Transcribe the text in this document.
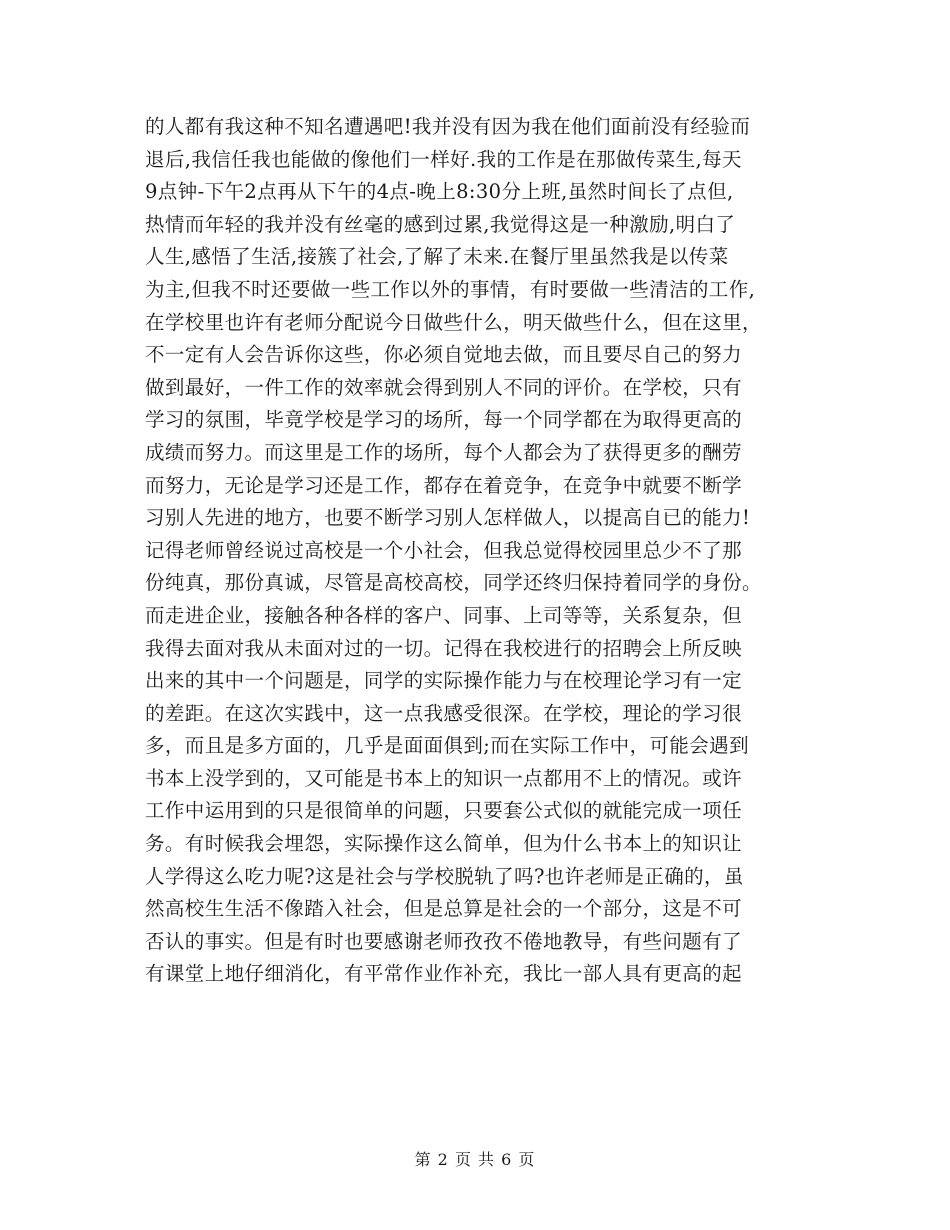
的人都有我这种不知名遭遇吧!我并没有因为我在他们面前没有经验而
退后,我信任我也能做的像他们一样好.我的工作是在那做传菜生,每天
9点钟-下午2点再从下午的4点-晚上8:30分上班,虽然时间长了点但,
热情而年轻的我并没有丝毫的感到过累,我觉得这是一种激励,明白了
人生,感悟了生活,接簇了社会,了解了未来.在餐厅里虽然我是以传菜
为主,但我不时还要做一些工作以外的事情，有时要做一些清洁的工作,
在学校里也许有老师分配说今日做些什么，明天做些什么，但在这里，
不一定有人会告诉你这些，你必须自觉地去做，而且要尽自己的努力
做到最好，一件工作的效率就会得到别人不同的评价。在学校，只有
学习的氛围，毕竟学校是学习的场所，每一个同学都在为取得更高的
成绩而努力。而这里是工作的场所，每个人都会为了获得更多的酬劳
而努力，无论是学习还是工作，都存在着竞争，在竞争中就要不断学
习别人先进的地方，也要不断学习别人怎样做人，以提高自已的能力!
记得老师曾经说过高校是一个小社会，但我总觉得校园里总少不了那
份纯真，那份真诚，尽管是高校高校，同学还终归保持着同学的身份。
而走进企业，接触各种各样的客户、同事、上司等等，关系复杂，但
我得去面对我从未面对过的一切。记得在我校进行的招聘会上所反映
出来的其中一个问题是，同学的实际操作能力与在校理论学习有一定
的差距。在这次实践中，这一点我感受很深。在学校，理论的学习很
多，而且是多方面的，几乎是面面俱到;而在实际工作中，可能会遇到
书本上没学到的，又可能是书本上的知识一点都用不上的情况。或许
工作中运用到的只是很简单的问题，只要套公式似的就能完成一项任
务。有时候我会埋怨，实际操作这么简单，但为什么书本上的知识让
人学得这么吃力呢?这是社会与学校脱轨了吗?也许老师是正确的，虽
然高校生生活不像踏入社会，但是总算是社会的一个部分，这是不可
否认的事实。但是有时也要感谢老师孜孜不倦地教导，有些问题有了
有课堂上地仔细消化，有平常作业作补充，我比一部人具有更高的起
第 2 页 共 6 页
